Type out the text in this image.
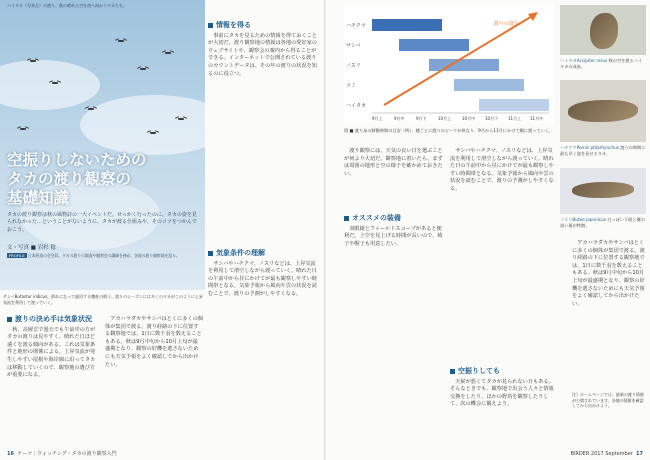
ハイタカ（写真左）の渡り。秋の晴れた空を南へ向かうタカたち。
空振りしないための
タカの渡り観察の
基礎知識
タカの渡り観察は秋の風物詩の一大イベントだ。せっかく行ったのに、タカの姿を見られなかった…ということがないように、タカが渡る仕組みや、そのコツをつかんでおこう。
文・写真 ■ 岩杉 稔
PROFILE 日本野鳥の会会員。タカの渡りの調査や観察会の講師を務め、各地の渡り観察地を巡る。
サシバButastur indicus。群れになって旋回する鷹柱の様子。渡りのシーズンには多くのタカがこのように上昇気流を利用して渡っていく。
渡りの決め手は気象状況

秋、高層雲で曇天でも午前中の方がタカの渡りは見やすく、晴れた日ほど遠くを渡る傾向がある。これは気象条件と地形の関係による。上昇気流が発生しやすい尾根や海岸線に沿ってタカは移動していくので、観察地の選び方が重要になる。

アカハラダカやサシバはとくに多くの個体が集団で渡る。渡り経路の下に位置する観察地では、1日に数千羽を数えることもある。秋は9月中旬から10月上旬が最盛期となり、観察の好機を逃さないためにも天気予報をよく確認してから出かけたい。

情報を得る

事前にタカを見るための情報を得ておくことが大切だ。渡り観察地の情報は各地の愛好家のウェブサイトや、観察会の案内から得ることができる。インターネットで公開されている渡りのカウントデータは、その年の渡りの状況を知るのに役立つ。

気象条件の理解

サシバやハチクマ、ノスリなどは、上昇気流を利用して滑空しながら渡っていく。晴れた日の午前中から昼にかけてが最も観察しやすい時間帯となる。気象予報から風向や雲の状況を読むことで、渡りの予測がしやすくなる。

16 テーマ｜ウォッチング・タカの渡り観察入門
ハチクマ
サシバ
ノスリ
ツミ
ハイタカ
9月上	9月中	9月下	10月上	10月中 10月下 11月上 11月中
渡りの進行
図 ■ 渡り鳥の移動時期の目安（例）。種ごとに渡りのピークが異なり、9月から11月にかけて順に渡っていく。
ハイタカAccipiter nisus 秋の空を渡るハイタカの成鳥。
ハチクマPernis ptilorhynchus 渡りの時期に最も早く姿を見せるタカ。
ノスリButeo japonicus 白っぽい下面と翼の黒い斑が特徴。

渡り観察には、天気の良い日を選ぶことが何より大切だ。観察地に着いたら、まずは周囲の地形と空の様子を確かめておきたい。

オススメの装備

双眼鏡とフィールドスコープがあると便利だ。上空を見上げる時間が長いので、椅子や帽子も用意したい。

サシバやハチクマ、ノスリなどは、上昇気流を利用して滑空しながら渡っていく。晴れた日の午前中から昼にかけてが最も観察しやすい時間帯となる。気象予報から風向や雲の状況を読むことで、渡りの予測がしやすくなる。

空振りしても

天候が悪くてタカが見られない日もある。そんなときでも、観察地で出会う人々と情報交換をしたり、ほかの野鳥を観察したりして、次の機会に備えよう。

アカハラダカやサシバはとくに多くの個体が集団で渡る。渡り経路の下に位置する観察地では、1日に数千羽を数えることもある。秋は9月中旬から10月上旬が最盛期となり、観察の好機を逃さないためにも天気予報をよく確認してから出かけたい。

注）ホームページでは、最新の渡り情報が公開されています。各地の情報を確認してから出かけよう。
BIRDER 2017 September 17
